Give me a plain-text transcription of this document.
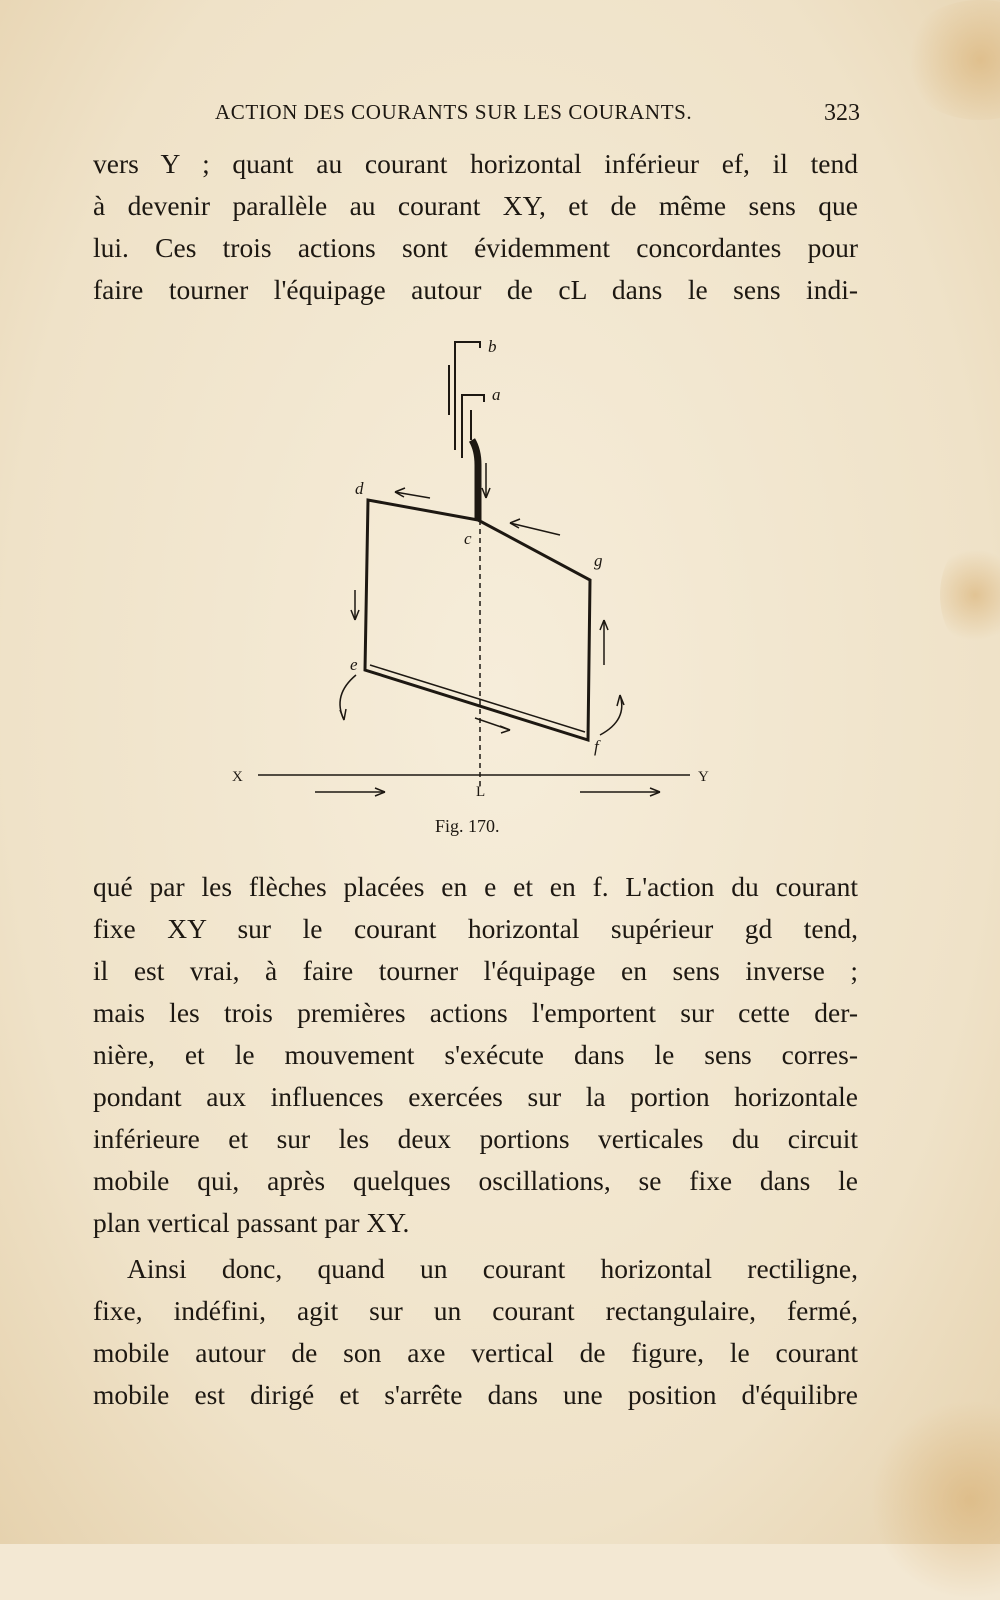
ACTION DES COURANTS SUR LES COURANTS.	323
vers Y ; quant au courant horizontal inférieur ef, il tend
à devenir parallèle au courant XY, et de même sens que
lui. Ces trois actions sont évidemment concordantes pour
faire tourner l'équipage autour de cL dans le sens indi-
b
a
d
c
g
e
f
X	Y
L
Fig. 170.
qué par les flèches placées en e et en f. L'action du courant
fixe XY sur le courant horizontal supérieur gd tend,
il est vrai, à faire tourner l'équipage en sens inverse ;
mais les trois premières actions l'emportent sur cette der-
nière, et le mouvement s'exécute dans le sens corres-
pondant aux influences exercées sur la portion horizontale
inférieure et sur les deux portions verticales du circuit
mobile qui, après quelques oscillations, se fixe dans le
plan vertical passant par XY.
Ainsi donc, quand un courant horizontal rectiligne,
fixe, indéfini, agit sur un courant rectangulaire, fermé,
mobile autour de son axe vertical de figure, le courant
mobile est dirigé et s'arrête dans une position d'équilibre
